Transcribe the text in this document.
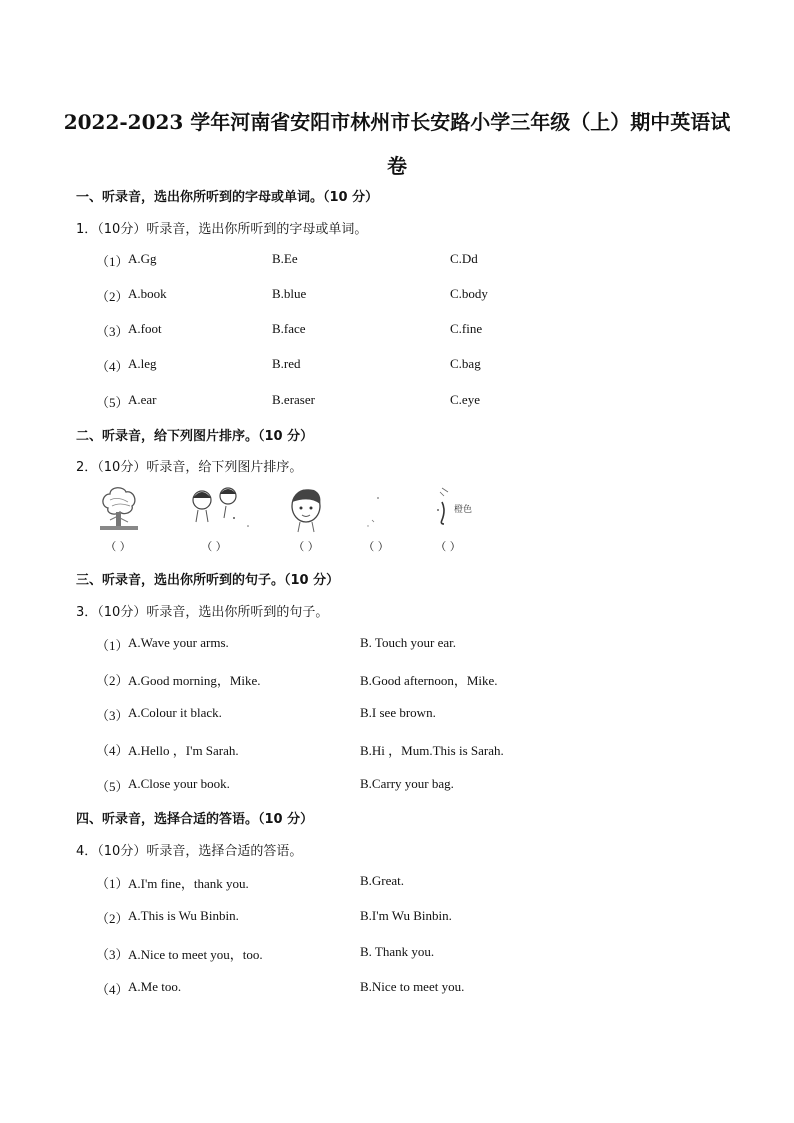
2022-2023 学年河南省安阳市林州市长安路小学三年级（上）期中英语试
卷
一、听录音，选出你所听到的字母或单词。（10 分）
1．（10分）听录音，选出你所听到的字母或单词。
（1） A.Gg	B.Ee	C.Dd
（2） A.book	B.blue	C.body
（3） A.foot	B.face	C.fine
（4） A.leg	B.red	C.bag
（5） A.ear	B.eraser	C.eye
二、听录音，给下列图片排序。（10 分）
2．（10分）听录音，给下列图片排序。
（ ）	（ ）	（ ）	（ ）
橙色
（ ）
三、听录音，选出你所听到的句子。（10 分）
3．（10分）听录音，选出你所听到的句子。
（1） A.Wave your arms.	B. Touch your ear.
（2） A.Good morning，Mike.	B.Good afternoon，Mike.
（3） A.Colour it black.	B.I see brown.
（4） A.Hello ，I'm Sarah.	B.Hi ，Mum.This is Sarah.
（5） A.Close your book.	B.Carry your bag.
四、听录音，选择合适的答语。（10 分）
4．（10分）听录音，选择合适的答语。
（1） A.I'm fine，thank you.	B.Great.
（2） A.This is Wu Binbin.	B.I'm Wu Binbin.
（3） A.Nice to meet you，too.	B. Thank you.
（4） A.Me too.	B.Nice to meet you.
